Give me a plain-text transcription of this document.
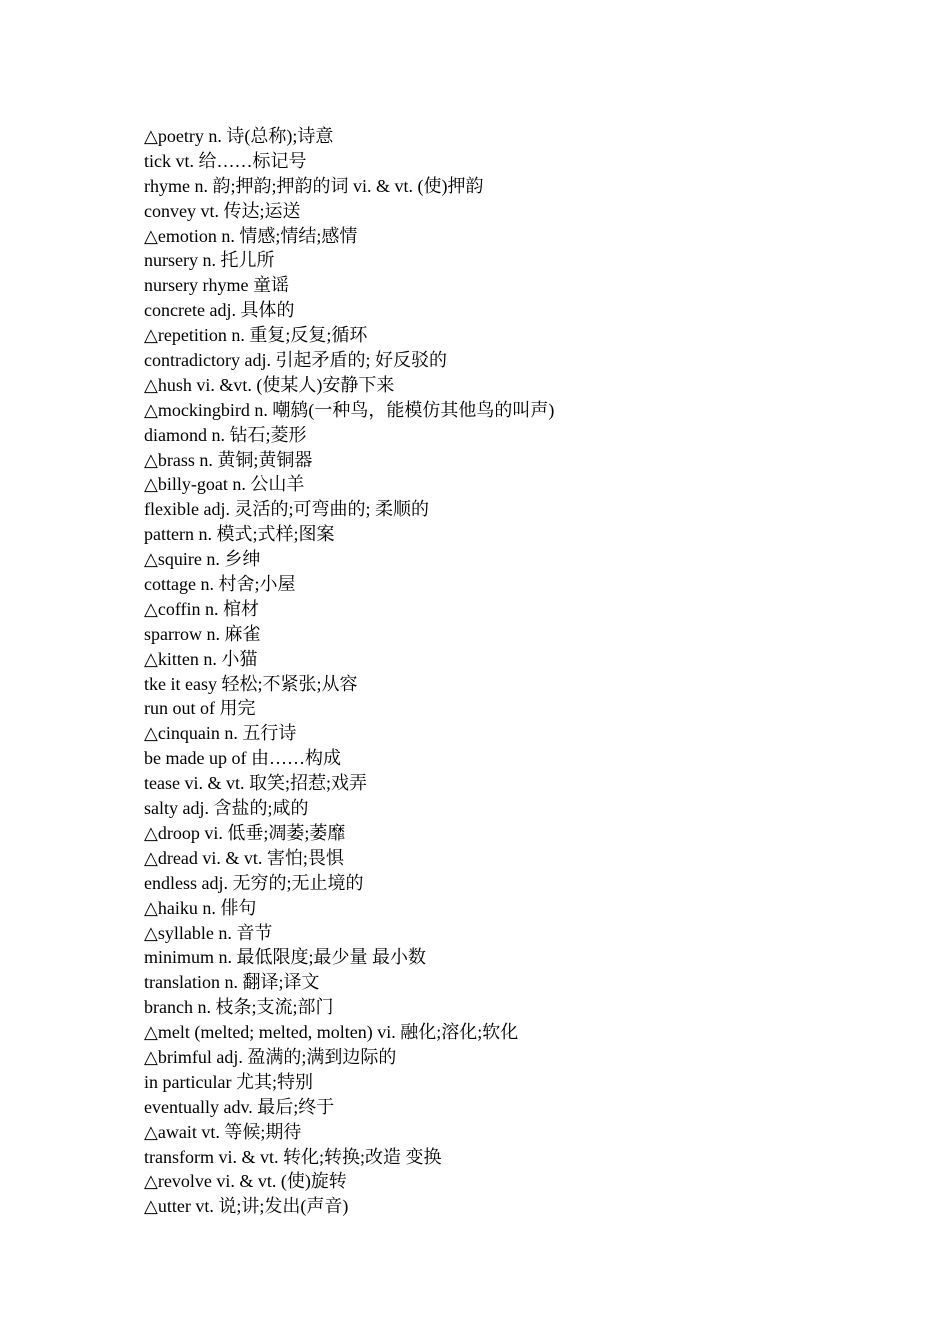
△poetry n. 诗(总称);诗意
tick vt. 给……标记号
rhyme n. 韵;押韵;押韵的词 vi. & vt. (使)押韵
convey vt. 传达;运送
△emotion n. 情感;情结;感情
nursery n. 托儿所
nursery rhyme 童谣
concrete adj. 具体的
△repetition n. 重复;反复;循环
contradictory adj. 引起矛盾的; 好反驳的
△hush vi. &vt. (使某人)安静下来
△mockingbird n. 嘲鸫(一种鸟，能模仿其他鸟的叫声)
diamond n. 钻石;菱形
△brass n. 黄铜;黄铜器
△billy-goat n. 公山羊
flexible adj. 灵活的;可弯曲的; 柔顺的
pattern n. 模式;式样;图案
△squire n. 乡绅
cottage n. 村舍;小屋
△coffin n. 棺材
sparrow n. 麻雀
△kitten n. 小猫
tke it easy 轻松;不紧张;从容
run out of 用完
△cinquain n. 五行诗
be made up of 由……构成
tease vi. & vt. 取笑;招惹;戏弄
salty adj. 含盐的;咸的
△droop vi. 低垂;凋萎;萎靡
△dread vi. & vt. 害怕;畏惧
endless adj. 无穷的;无止境的
△haiku n. 俳句
△syllable n. 音节
minimum n. 最低限度;最少量 最小数
translation n. 翻译;译文
branch n. 枝条;支流;部门
△melt (melted; melted, molten) vi. 融化;溶化;软化
△brimful adj. 盈满的;满到边际的
in particular 尤其;特别
eventually adv. 最后;终于
△await vt. 等候;期待
transform vi. & vt. 转化;转换;改造 变换
△revolve vi. & vt. (使)旋转
△utter vt. 说;讲;发出(声音)
